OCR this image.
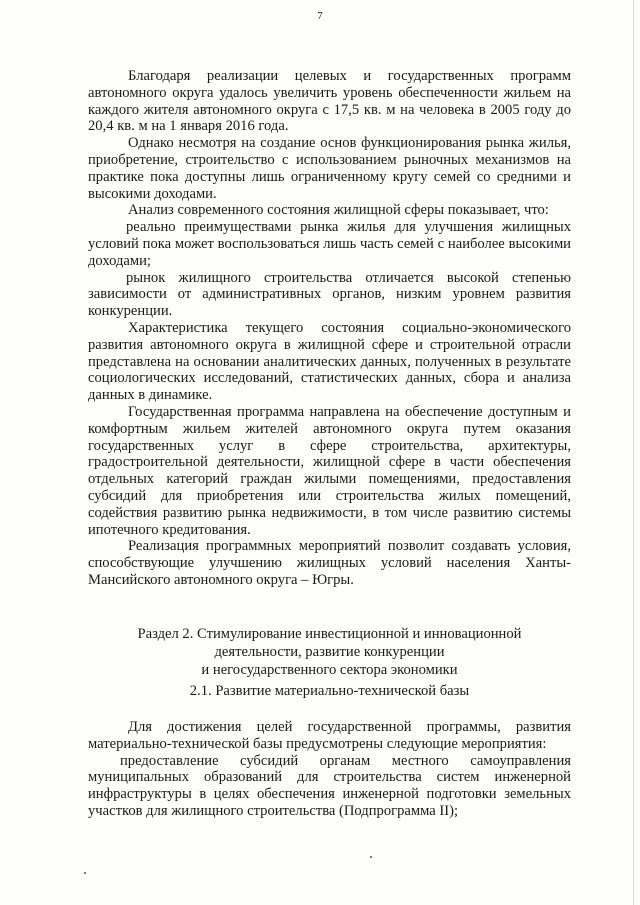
7

Благодаря реализации целевых и государственных программ автономного округа удалось увеличить уровень обеспеченности жильем на каждого жителя автономного округа с 17,5 кв. м на человека в 2005 году до 20,4 кв. м на 1 января 2016 года.

Однако несмотря на создание основ функционирования рынка жилья, приобретение, строительство с использованием рыночных механизмов на практике пока доступны лишь ограниченному кругу семей со средними и высокими доходами.

Анализ современного состояния жилищной сферы показывает, что:

реально преимуществами рынка жилья для улучшения жилищных условий пока может воспользоваться лишь часть семей с наиболее высокими доходами;

рынок жилищного строительства отличается высокой степенью зависимости от административных органов, низким уровнем развития конкуренции.

Характеристика текущего состояния социально-экономического развития автономного округа в жилищной сфере и строительной отрасли представлена на основании аналитических данных, полученных в результате социологических исследований, статистических данных, сбора и анализа данных в динамике.

Государственная программа направлена на обеспечение доступным и комфортным жильем жителей автономного округа путем оказания государственных услуг в сфере строительства, архитектуры, градостроительной деятельности, жилищной сфере в части обеспечения отдельных категорий граждан жилыми помещениями, предоставления субсидий для приобретения или строительства жилых помещений, содействия развитию рынка недвижимости, в том числе развитию системы ипотечного кредитования.

Реализация программных мероприятий позволит создавать условия, способствующие улучшению жилищных условий населения Ханты-Мансийского автономного округа – Югры.

Раздел 2. Стимулирование инвестиционной и инновационной
деятельности, развитие конкуренции
и негосударственного сектора экономики
2.1. Развитие материально-технической базы

Для достижения целей государственной программы, развития материально-технической базы предусмотрены следующие мероприятия:

предоставление субсидий органам местного самоуправления муниципальных образований для строительства систем инженерной инфраструктуры в целях обеспечения инженерной подготовки земельных участков для жилищного строительства (Подпрограмма II);
